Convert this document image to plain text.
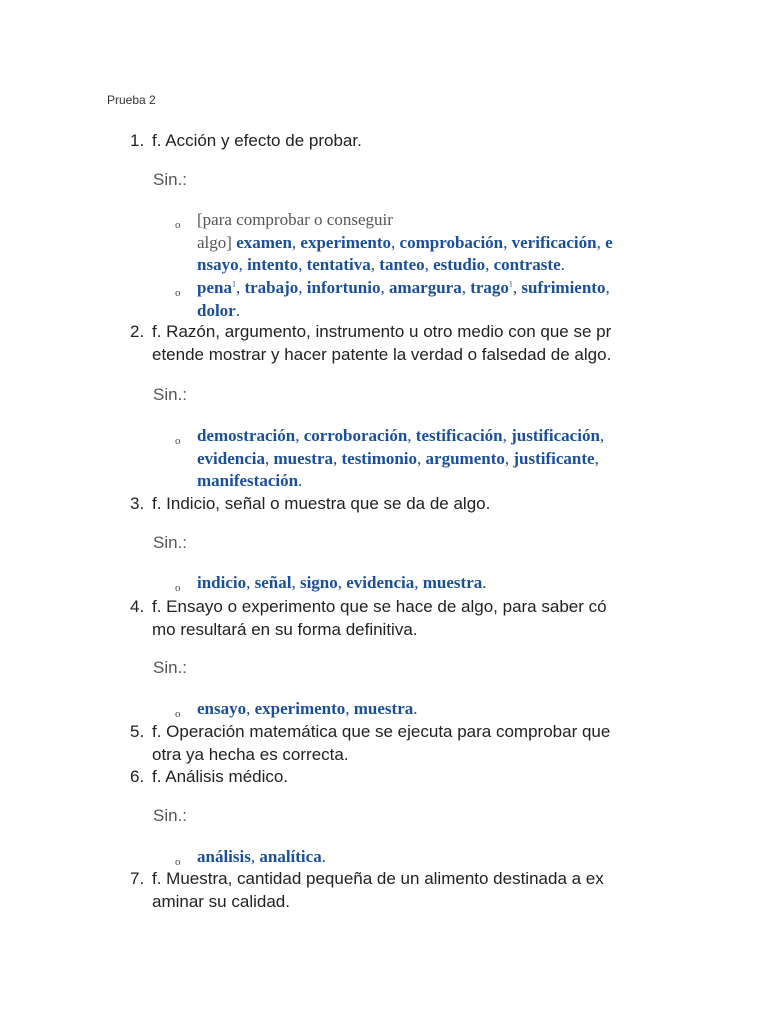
Prueba 2
1. f. Acción y efecto de probar.
Sin.:
o [para comprobar o conseguir
algo] examen, experimento, comprobación, verificación, e
nsayo, intento, tentativa, tanteo, estudio, contraste.
o pena$^1$, trabajo, infortunio, amargura, trago$^1$, sufrimiento,
dolor.
2. f. Razón, argumento, instrumento u otro medio con que se pr
etende mostrar y hacer patente la verdad o falsedad de algo.
Sin.:
o demostración, corroboración, testificación, justificación,
evidencia, muestra, testimonio, argumento, justificante,
manifestación.
3. f. Indicio, señal o muestra que se da de algo.
Sin.:
o indicio, señal, signo, evidencia, muestra.
4. f. Ensayo o experimento que se hace de algo, para saber có
mo resultará en su forma definitiva.
Sin.:
o ensayo, experimento, muestra.
5. f. Operación matemática que se ejecuta para comprobar que
otra ya hecha es correcta.
6. f. Análisis médico.
Sin.:
o análisis, analítica.
7. f. Muestra, cantidad pequeña de un alimento destinada a ex
aminar su calidad.
